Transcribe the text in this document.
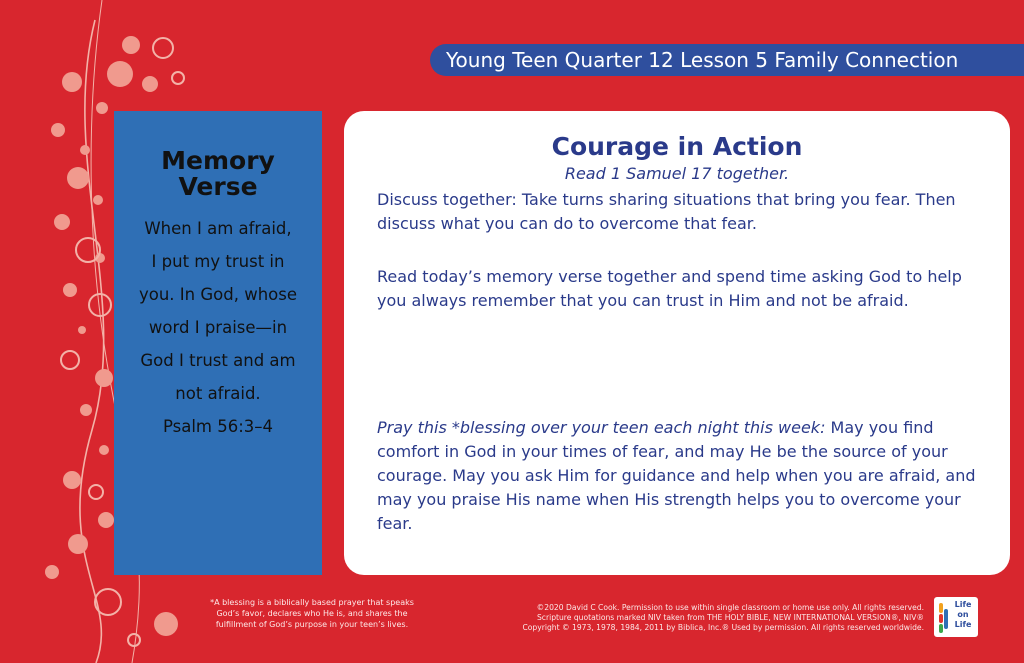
Young Teen Quarter 12 Lesson 5 Family Connection
Memory
Verse
When I am afraid,
I put my trust in
you. In God, whose
word I praise—in
God I trust and am
not afraid.
Psalm 56:3–4
Courage in Action
Read 1 Samuel 17 together.
Discuss together: Take turns sharing situations that bring you fear. Then discuss what you can do to overcome that fear.
Read today’s memory verse together and spend time asking God to help you always remember that you can trust in Him and not be afraid.
Pray this *blessing over your teen each night this week: May you find comfort in God in your times of fear, and may He be the source of your courage. May you ask Him for guidance and help when you are afraid, and may you praise His name when His strength helps you to overcome your fear.
*A blessing is a biblically based prayer that speaks
God’s favor, declares who He is, and shares the
fulfillment of God’s purpose in your teen’s lives.
©2020 David C Cook. Permission to use within single classroom or home use only. All rights reserved.
Scripture quotations marked NIV taken from THE HOLY BIBLE, NEW INTERNATIONAL VERSION®, NIV®
Copyright © 1973, 1978, 1984, 2011 by Biblica, Inc.® Used by permission. All rights reserved worldwide.
Life
on
Life
